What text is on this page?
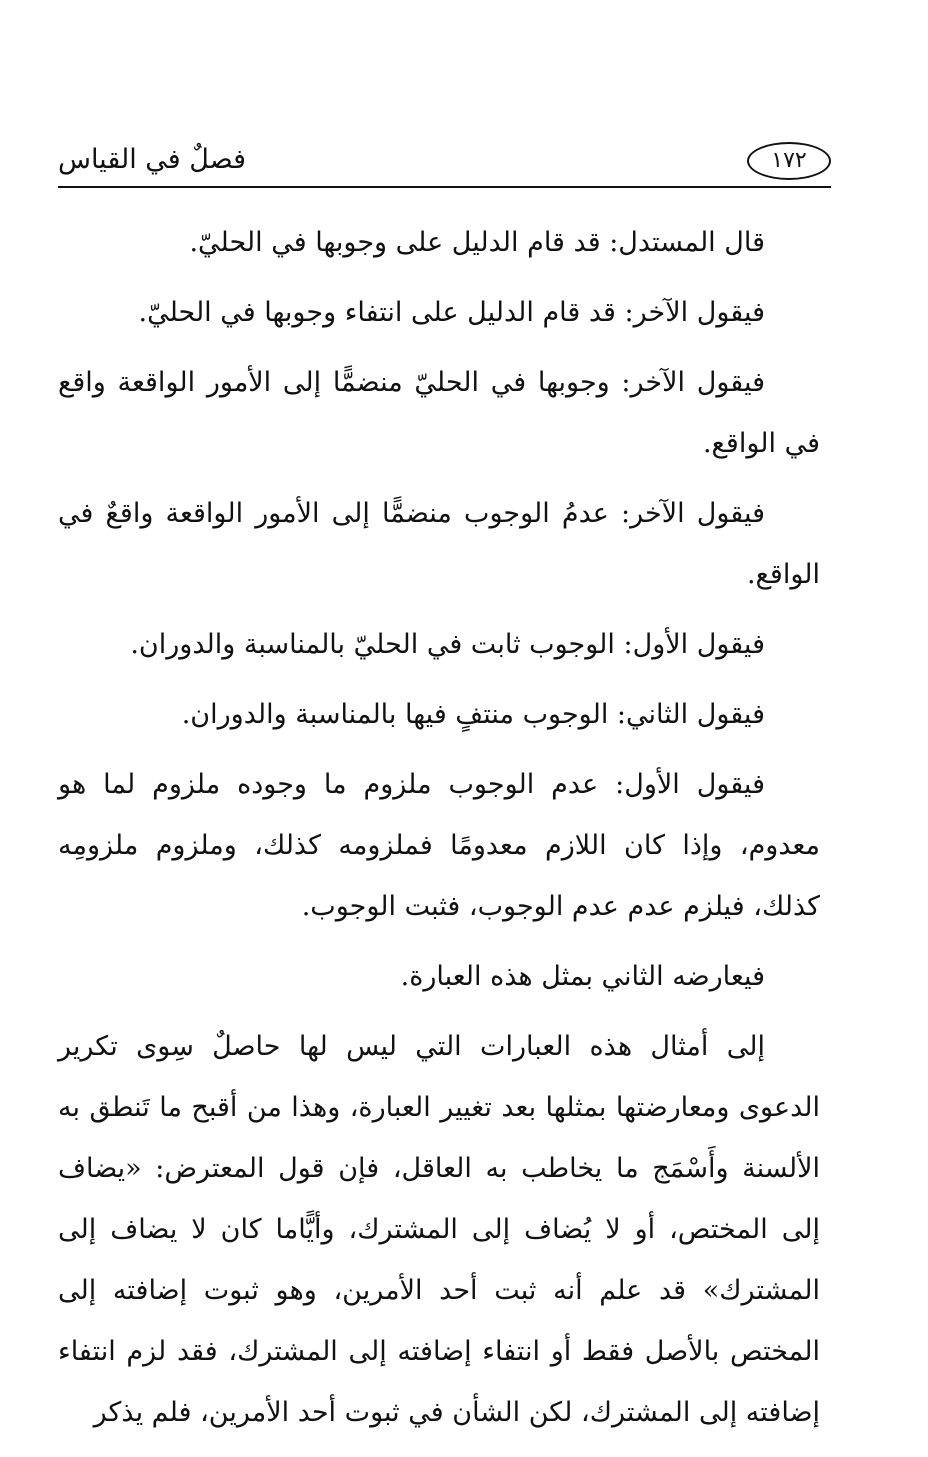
١٧٢
فصلٌ في القياس

قال المستدل: قد قام الدليل على وجوبها في الحليّ.

فيقول الآخر: قد قام الدليل على انتفاء وجوبها في الحليّ.

فيقول الآخر: وجوبها في الحليّ منضمًّا إلى الأمور الواقعة واقع في الواقع.

فيقول الآخر: عدمُ الوجوب منضمًّا إلى الأمور الواقعة واقعٌ في الواقع.

فيقول الأول: الوجوب ثابت في الحليّ بالمناسبة والدوران.

فيقول الثاني: الوجوب منتفٍ فيها بالمناسبة والدوران.

فيقول الأول: عدم الوجوب ملزوم ما وجوده ملزوم لما هو معدوم، وإذا كان اللازم معدومًا فملزومه كذلك، وملزوم ملزومِه كذلك، فيلزم عدم عدم الوجوب، فثبت الوجوب.

فيعارضه الثاني بمثل هذه العبارة.

إلى أمثال هذه العبارات التي ليس لها حاصلٌ سِوى تكرير الدعوى ومعارضتها بمثلها بعد تغيير العبارة، وهذا من أقبح ما تَنطق به الألسنة وأَسْمَج ما يخاطب به العاقل، فإن قول المعترض: «يضاف إلى المختص، أو لا يُضاف إلى المشترك، وأيًّاما كان لا يضاف إلى المشترك» قد علم أنه ثبت أحد الأمرين، وهو ثبوت إضافته إلى المختص بالأصل فقط أو انتفاء إضافته إلى المشترك، فقد لزم انتفاء إضافته إلى المشترك، لكن الشأن في ثبوت أحد الأمرين، فلم يذكر
